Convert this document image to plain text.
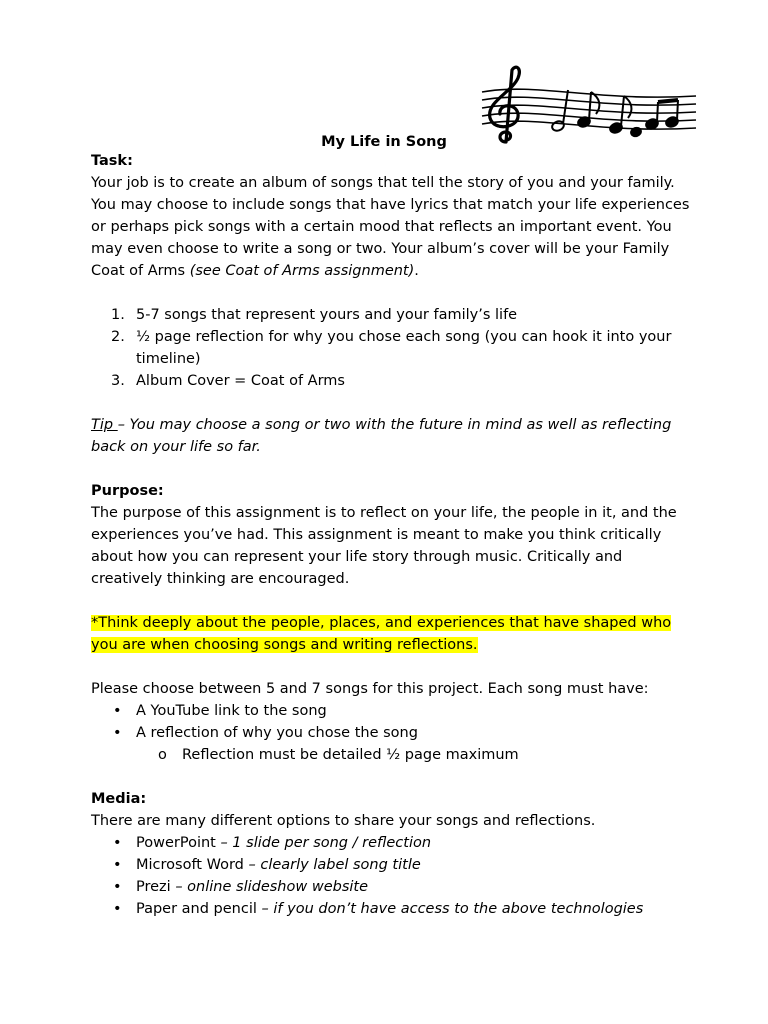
My Life in Song

Task:

Your job is to create an album of songs that tell the story of you and your family.

You may choose to include songs that have lyrics that match your life experiences

or perhaps pick songs with a certain mood that reflects an important event. You

may even choose to write a song or two. Your album’s cover will be your Family

Coat of Arms (see Coat of Arms assignment).

1. 5-7 songs that represent yours and your family’s life
2. ½ page reflection for why you chose each song (you can hook it into your
timeline)
3. Album Cover = Coat of Arms

Tip – You may choose a song or two with the future in mind as well as reflecting

back on your life so far.

Purpose:

The purpose of this assignment is to reflect on your life, the people in it, and the

experiences you’ve had. This assignment is meant to make you think critically

about how you can represent your life story through music. Critically and

creatively thinking are encouraged.

*Think deeply about the people, places, and experiences that have shaped who

you are when choosing songs and writing reflections.

Please choose between 5 and 7 songs for this project. Each song must have:

• A YouTube link to the song
• A reflection of why you chose the song
o Reflection must be detailed ½ page maximum

Media:

There are many different options to share your songs and reflections.

• PowerPoint – 1 slide per song / reflection
• Microsoft Word – clearly label song title
• Prezi – online slideshow website
• Paper and pencil – if you don’t have access to the above technologies
